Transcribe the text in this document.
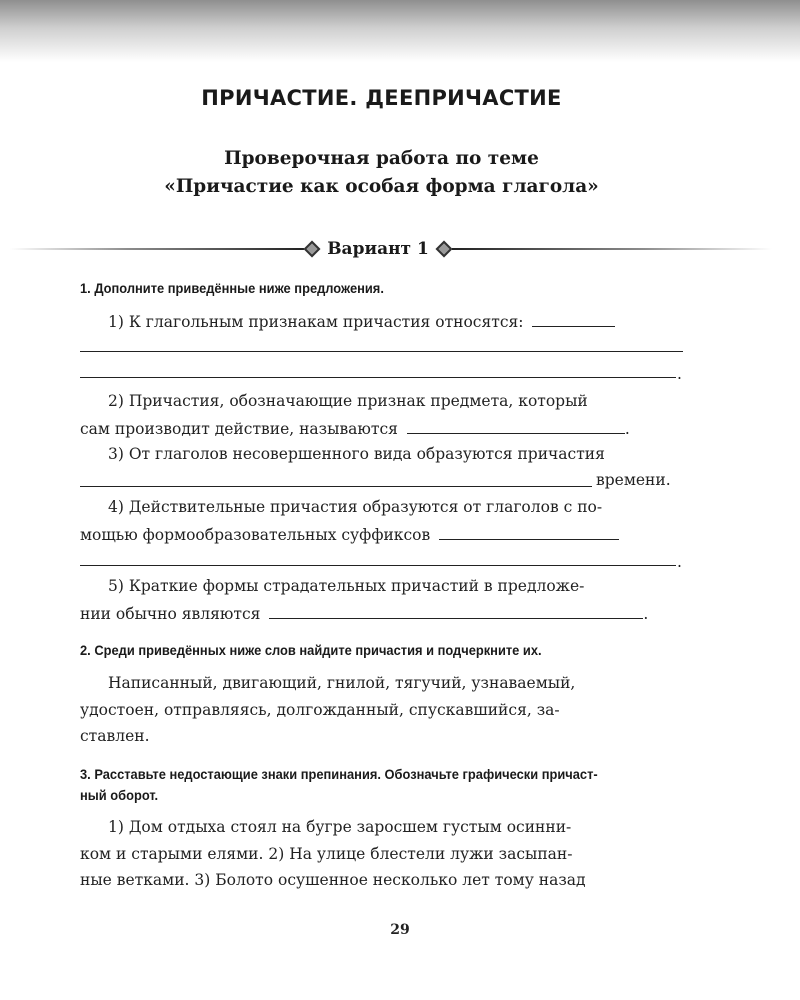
ПРИЧАСТИЕ. ДЕЕПРИЧАСТИЕ
Проверочная работа по теме
«Причастие как особая форма глагола»
Вариант 1
1. Дополните приведённые ниже предложения.
1) К глагольным признакам причастия относятся:
.
2) Причастия, обозначающие признак предмета, который
сам производит действие, называются	.
3) От глаголов несовершенного вида образуются причастия
времени.
4) Действительные причастия образуются от глаголов с по-
мощью формообразовательных суффиксов
.
5) Краткие формы страдательных причастий в предложе-
нии обычно являются	.
2. Среди приведённых ниже слов найдите причастия и подчеркните их.
Написанный, двигающий, гнилой, тягучий, узнаваемый,
удостоен, отправляясь, долгожданный, спускавшийся, за-
ставлен.
3. Расставьте недостающие знаки препинания. Обозначьте графически причаст-
ный оборот.
1) Дом отдыха стоял на бугре заросшем густым осинни-
ком и старыми елями. 2) На улице блестели лужи засыпан-
ные ветками. 3) Болото осушенное несколько лет тому назад
29
